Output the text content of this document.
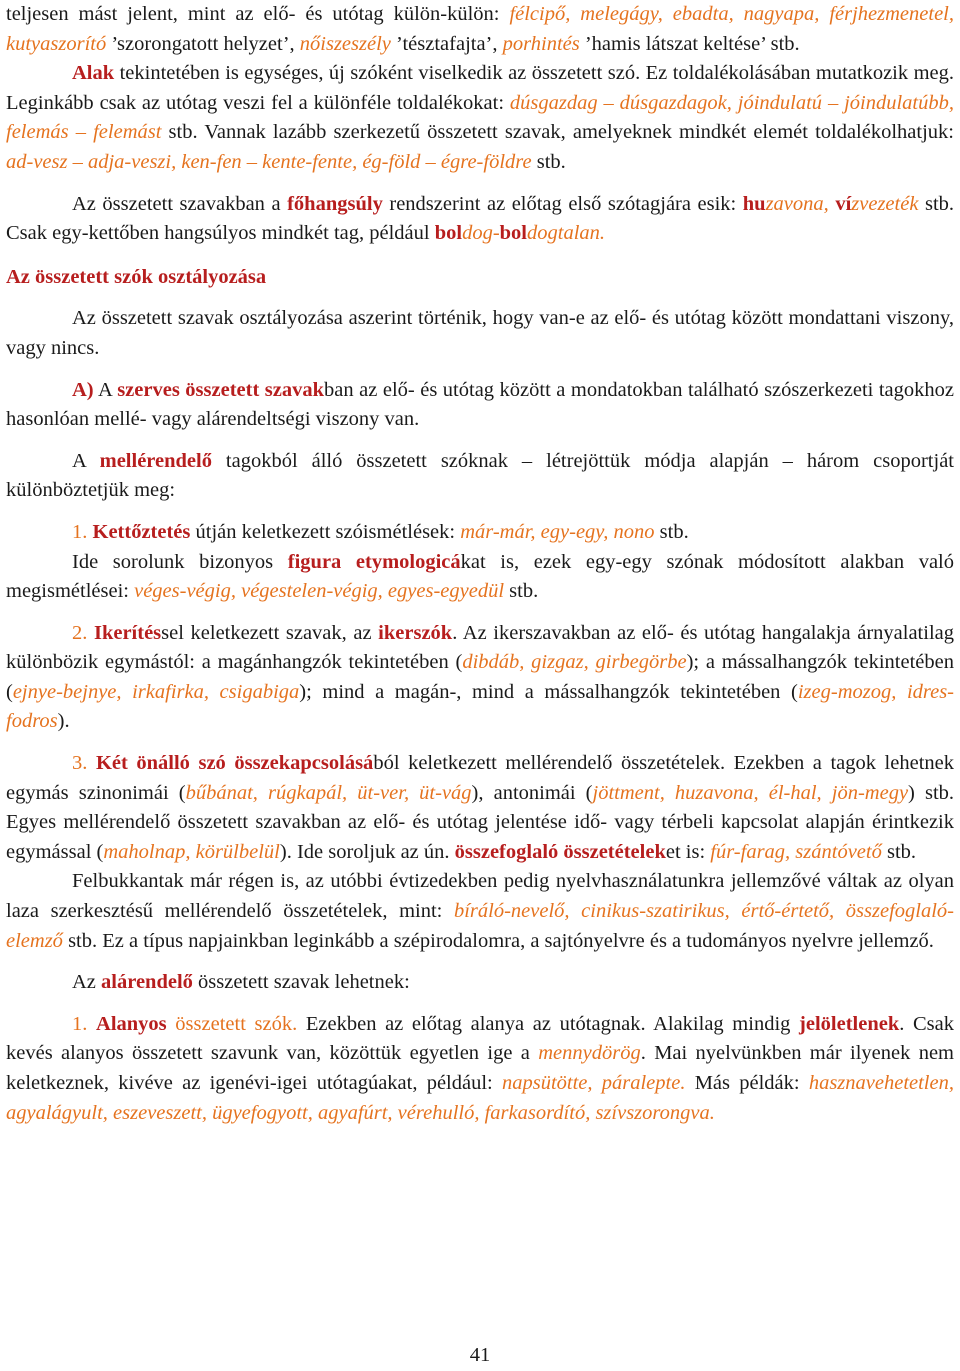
teljesen mást jelent, mint az elő- és utótag külön-külön: félcipő, melegágy, ebadta, nagyapa, férjhezmenetel, kutyaszorító ’szorongatott helyzet’, nőiszeszély ’tésztafajta’, porhintés ’hamis látszat keltése’ stb.

Alak tekintetében is egységes, új szóként viselkedik az összetett szó. Ez toldalékolásában mutatkozik meg. Leginkább csak az utótag veszi fel a különféle toldalékokat: dúsgazdag – dúsgazdagok, jóindulatú – jóindulatúbb, felemás – felemást stb. Vannak lazább szerkezetű összetett szavak, amelyeknek mindkét elemét toldalékolhatjuk: ad-vesz – adja-veszi, ken-fen – kente-fente, ég-föld – égre-földre stb.

Az összetett szavakban a főhangsúly rendszerint az előtag első szótagjára esik: huzavona, vízvezeték stb. Csak egy-kettőben hangsúlyos mindkét tag, például boldog-boldogtalan.

Az összetett szók osztályozása

Az összetett szavak osztályozása aszerint történik, hogy van-e az elő- és utótag között mondattani viszony, vagy nincs.

A) A szerves összetett szavakban az elő- és utótag között a mondatokban található szószerkezeti tagokhoz hasonlóan mellé- vagy alárendeltségi viszony van.

A mellérendelő tagokból álló összetett szóknak – létrejöttük módja alapján – három csoportját különböztetjük meg:

1. Kettőztetés útján keletkezett szóismétlések: már-már, egy-egy, nono stb.

Ide sorolunk bizonyos figura etymologicákat is, ezek egy-egy szónak módosított alakban való megismétlései: véges-végig, végestelen-végig, egyes-egyedül stb.

2. Ikerítéssel keletkezett szavak, az ikerszók. Az ikerszavakban az elő- és utótag hangalakja árnyalatilag különbözik egymástól: a magánhangzók tekintetében (dibdáb, gizgaz, girbegörbe); a mássalhangzók tekintetében (ejnye-bejnye, irkafirka, csigabiga); mind a magán-, mind a mássalhangzók tekintetében (izeg-mozog, idres-fodros).

3. Két önálló szó összekapcsolásából keletkezett mellérendelő összetételek. Ezekben a tagok lehetnek egymás szinonimái (bűbánat, rúgkapál, üt-ver, üt-vág), antonimái (jöttment, huzavona, él-hal, jön-megy) stb. Egyes mellérendelő összetett szavakban az elő- és utótag jelentése idő- vagy térbeli kapcsolat alapján érintkezik egymással (maholnap, körülbelül). Ide soroljuk az ún. összefoglaló összetételeket is: fúr-farag, szántóvető stb.

Felbukkantak már régen is, az utóbbi évtizedekben pedig nyelvhasználatunkra jellemzővé váltak az olyan laza szerkesztésű mellérendelő összetételek, mint: bíráló-nevelő, cinikus-szatirikus, értő-értető, összefoglaló-elemző stb. Ez a típus napjainkban leginkább a szépirodalomra, a sajtónyelvre és a tudományos nyelvre jellemző.

Az alárendelő összetett szavak lehetnek:

1. Alanyos összetett szók. Ezekben az előtag alanya az utótagnak. Alakilag mindig jelöletlenek. Csak kevés alanyos összetett szavunk van, közöttük egyetlen ige a mennydörög. Mai nyelvünkben már ilyenek nem keletkeznek, kivéve az igenévi-igei utótagúakat, például: napsütötte, páralepte. Más példák: hasznavehetetlen, agyalágyult, eszeveszett, ügyefogyott, agyafúrt, vérehulló, farkasordító, szívszorongva.

41
